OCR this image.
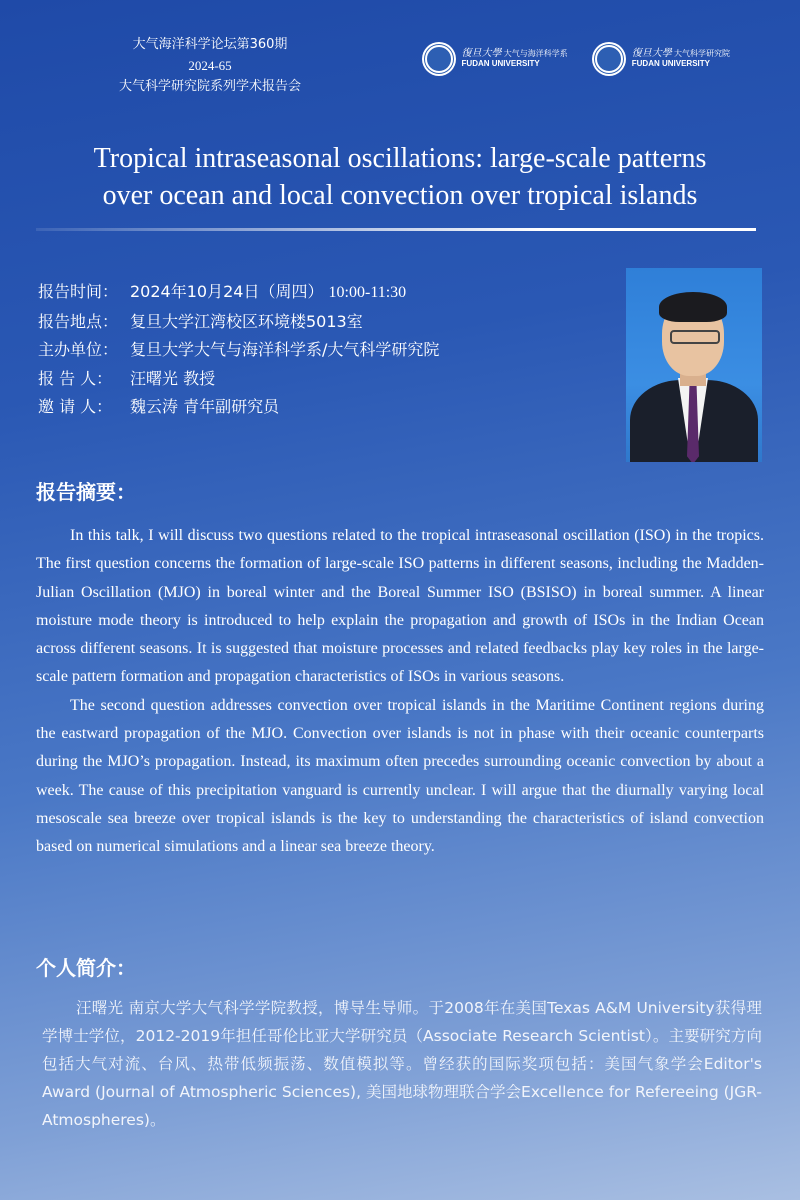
大气海洋科学论坛第360期
2024-65
大气科学研究院系列学术报告会
復旦大學 大气与海洋科学系
FUDAN UNIVERSITY
復旦大學 大气科学研究院
FUDAN UNIVERSITY
Tropical intraseasonal oscillations: large-scale patterns
over ocean and local convection over tropical islands
报告时间： 2024年10月24日（周四） 10:00-11:30
报告地点： 复旦大学江湾校区环境楼5013室
主办单位： 复旦大学大气与海洋科学系/大气科学研究院
报 告 人：	汪曙光 教授
邀 请 人：	魏云涛 青年副研究员
报告摘要：

In this talk, I will discuss two questions related to the tropical intraseasonal oscillation (ISO) in the tropics. The first question concerns the formation of large-scale ISO patterns in different seasons, including the Madden-Julian Oscillation (MJO) in boreal winter and the Boreal Summer ISO (BSISO) in boreal summer. A linear moisture mode theory is introduced to help explain the propagation and growth of ISOs in the Indian Ocean across different seasons. It is suggested that moisture processes and related feedbacks play key roles in the large-scale pattern formation and propagation characteristics of ISOs in various seasons.

The second question addresses convection over tropical islands in the Maritime Continent regions during the eastward propagation of the MJO. Convection over islands is not in phase with their oceanic counterparts during the MJO’s propagation. Instead, its maximum often precedes surrounding oceanic convection by about a week. The cause of this precipitation vanguard is currently unclear. I will argue that the diurnally varying local mesoscale sea breeze over tropical islands is the key to understanding the characteristics of island convection based on numerical simulations and a linear sea breeze theory.

个人简介：

汪曙光 南京大学大气科学学院教授，博导生导师。于2008年在美国Texas A&M University获得理学博士学位，2012-2019年担任哥伦比亚大学研究员（Associate Research Scientist）。主要研究方向包括大气对流、台风、热带低频振荡、数值模拟等。曾经获的国际奖项包括：美国气象学会Editor's Award (Journal of Atmospheric Sciences), 美国地球物理联合学会Excellence for Refereeing (JGR-Atmospheres)。
